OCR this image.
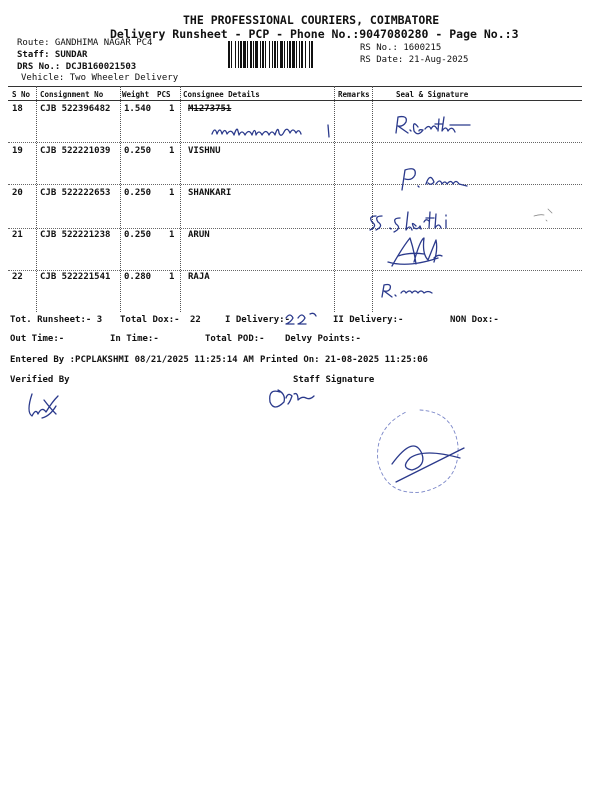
THE PROFESSIONAL COURIERS, COIMBATORE
Delivery Runsheet - PCP - Phone No.:9047080280 - Page No.:3
Route: GANDHIMA NAGAR PC4
Staff: SUNDAR
DRS No.: DCJB160021503
Vehicle: Two Wheeler Delivery
RS No.: 1600215
RS Date: 21-Aug-2025
S No Consignment No	Weight PCS Consignee Details	Remarks	Seal & Signature
18 CJB 522396482 1.540 1 M1273751
19 CJB 522221039 0.250 1 VISHNU
20 CJB 522222653 0.250 1 SHANKARI
21 CJB 522221238 0.250 1 ARUN
22 CJB 522221541 0.280 1 RAJA
Tot. Runsheet:- 3 Total Dox:- 22	I Delivery:-	II Delivery:-	NON Dox:-
Out Time:-	In Time:-	Total POD:- Delvy Points:-
Entered By :PCPLAKSHMI 08/21/2025 11:25:14 AM Printed On: 21-08-2025 11:25:06
Verified By	Staff Signature
